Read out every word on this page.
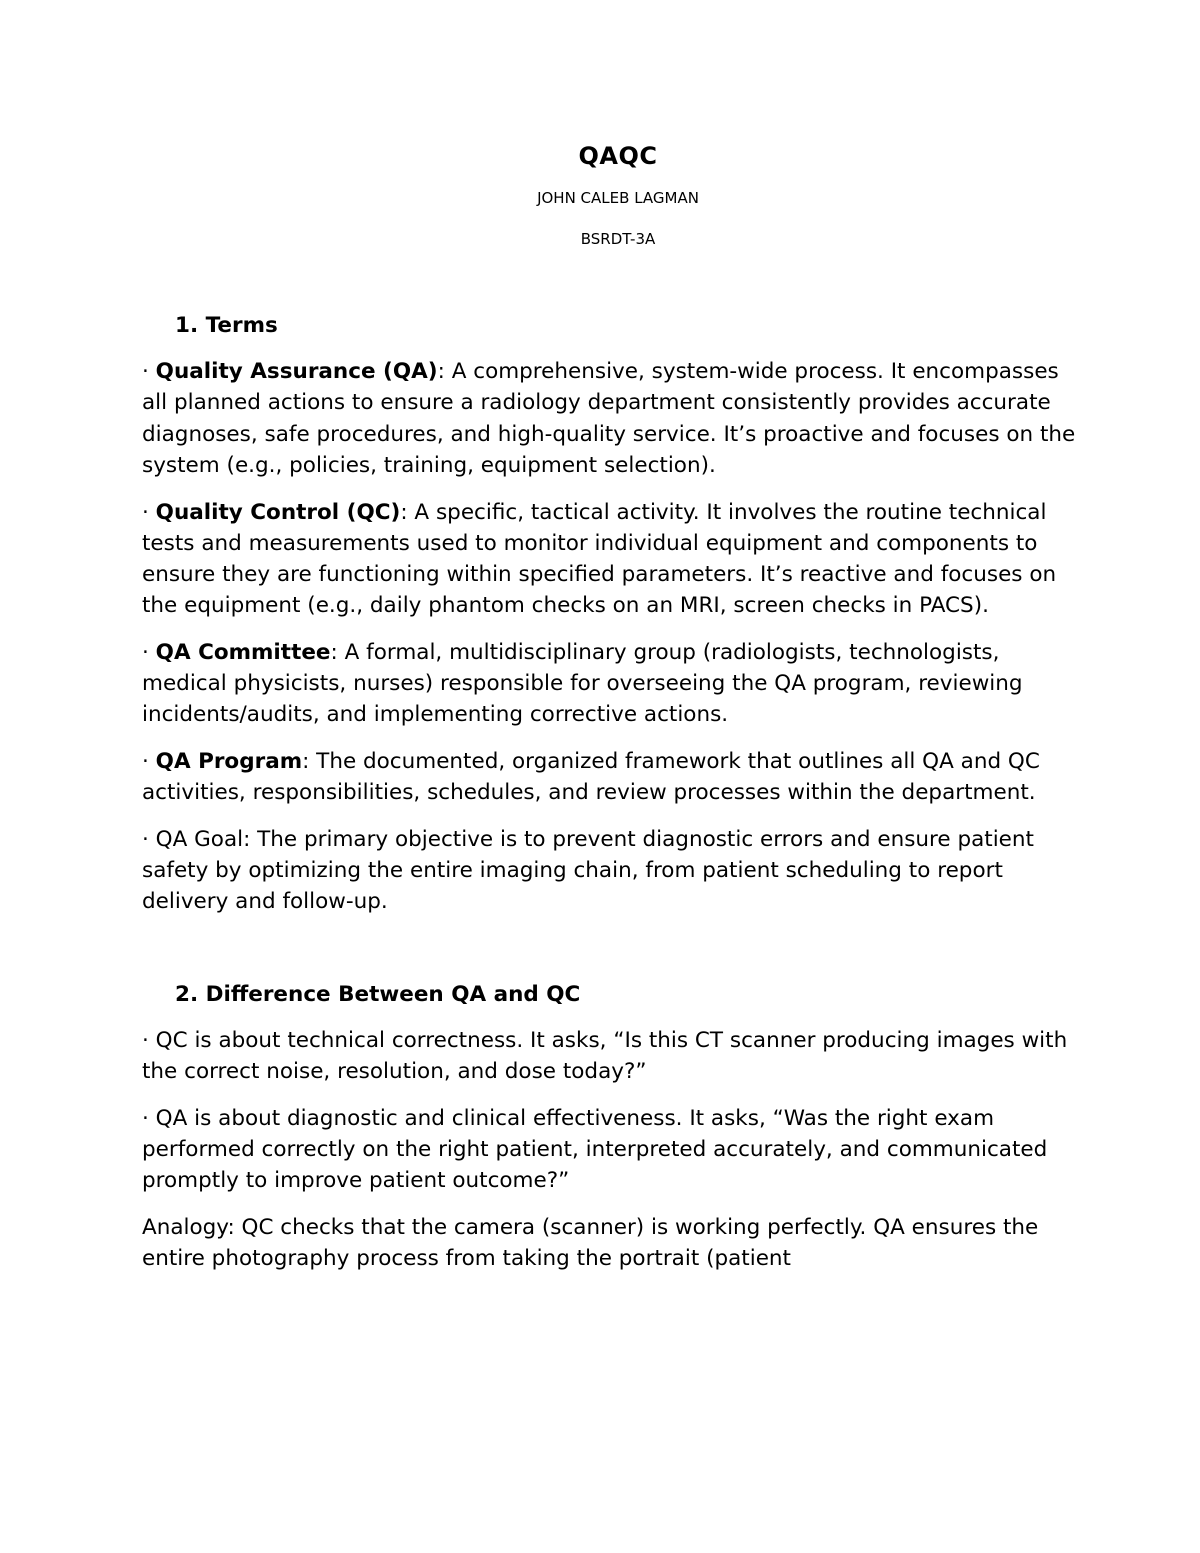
QAQC
JOHN CALEB LAGMAN
BSRDT-3A
1. Terms
· Quality Assurance (QA): A comprehensive, system-wide process. It encompasses all planned actions to ensure a radiology department consistently provides accurate diagnoses, safe procedures, and high-quality service. It’s proactive and focuses on the system (e.g., policies, training, equipment selection).
· Quality Control (QC): A specific, tactical activity. It involves the routine technical tests and measurements used to monitor individual equipment and components to ensure they are functioning within specified parameters. It’s reactive and focuses on the equipment (e.g., daily phantom checks on an MRI, screen checks in PACS).
· QA Committee: A formal, multidisciplinary group (radiologists, technologists, medical physicists, nurses) responsible for overseeing the QA program, reviewing incidents/audits, and implementing corrective actions.
· QA Program: The documented, organized framework that outlines all QA and QC activities, responsibilities, schedules, and review processes within the department.
· QA Goal: The primary objective is to prevent diagnostic errors and ensure patient safety by optimizing the entire imaging chain, from patient scheduling to report delivery and follow-up.
2. Difference Between QA and QC
· QC is about technical correctness. It asks, “Is this CT scanner producing images with the correct noise, resolution, and dose today?”
· QA is about diagnostic and clinical effectiveness. It asks, “Was the right exam performed correctly on the right patient, interpreted accurately, and communicated promptly to improve patient outcome?”
Analogy: QC checks that the camera (scanner) is working perfectly. QA ensures the entire photography process from taking the portrait (patient
